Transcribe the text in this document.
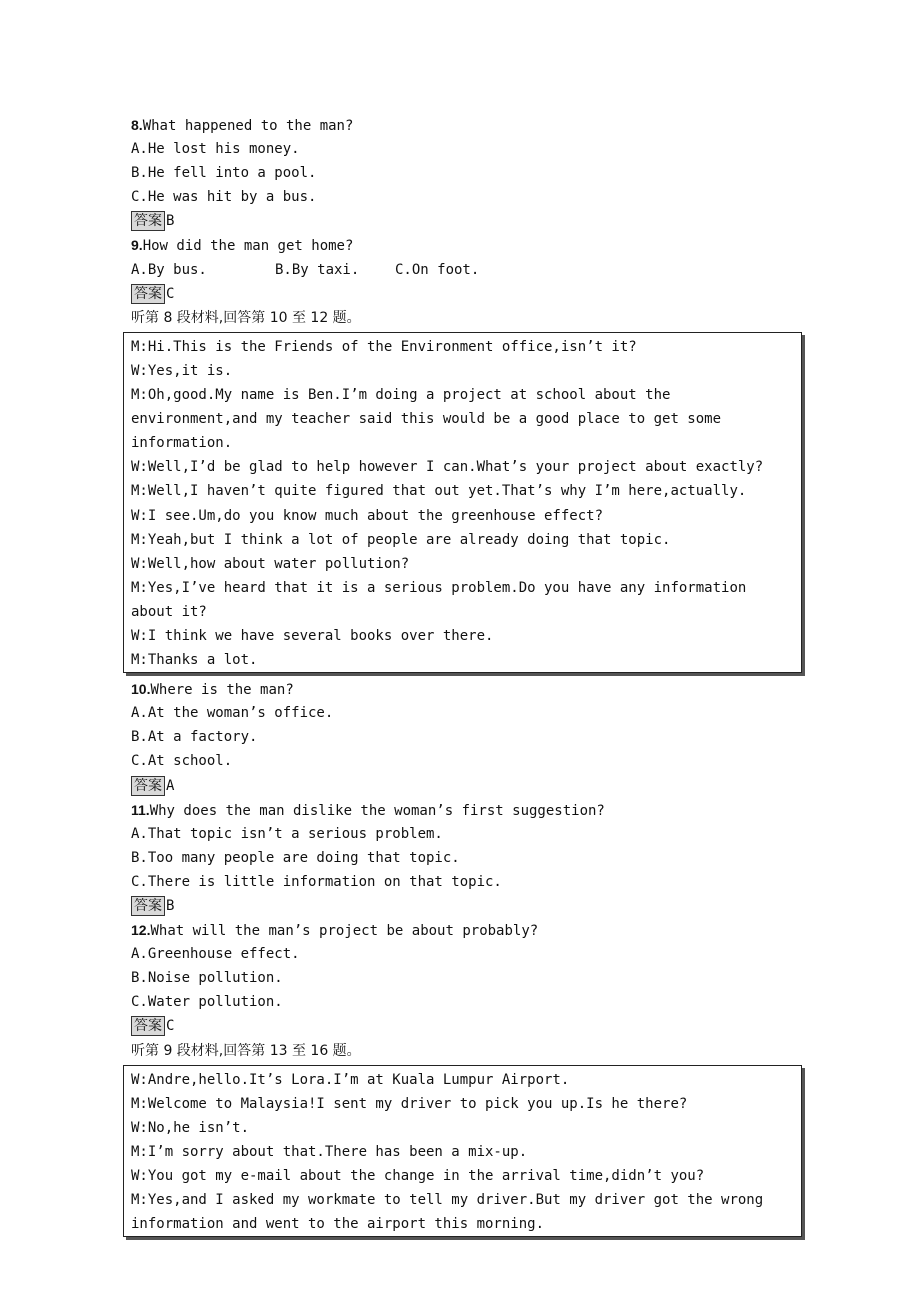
8.What happened to the man?
A.He lost his money.
B.He fell into a pool.
C.He was hit by a bus.
答案 B
9.How did the man get home?
A.By bus.	B.By taxi.	C.On foot.
答案 C
听第 8 段材料,回答第 10 至 12 题。
M:Hi.This is the Friends of the Environment office,isn’t it?
W:Yes,it is.
M:Oh,good.My name is Ben.I’m doing a project at school about the environment,and my teacher said this would be a good place to get some information.
W:Well,I’d be glad to help however I can.What’s your project about exactly?
M:Well,I haven’t quite figured that out yet.That’s why I’m here,actually.
W:I see.Um,do you know much about the greenhouse effect?
M:Yeah,but I think a lot of people are already doing that topic.
W:Well,how about water pollution?
M:Yes,I’ve heard that it is a serious problem.Do you have any information about it?
W:I think we have several books over there.
M:Thanks a lot.
10.Where is the man?
A.At the woman’s office.
B.At a factory.
C.At school.
答案 A
11.Why does the man dislike the woman’s first suggestion?
A.That topic isn’t a serious problem.
B.Too many people are doing that topic.
C.There is little information on that topic.
答案 B
12.What will the man’s project be about probably?
A.Greenhouse effect.
B.Noise pollution.
C.Water pollution.
答案 C
听第 9 段材料,回答第 13 至 16 题。
W:Andre,hello.It’s Lora.I’m at Kuala Lumpur Airport.
M:Welcome to Malaysia!I sent my driver to pick you up.Is he there?
W:No,he isn’t.
M:I’m sorry about that.There has been a mix-up.
W:You got my e-mail about the change in the arrival time,didn’t you?
M:Yes,and I asked my workmate to tell my driver.But my driver got the wrong information and went to the airport this morning.
